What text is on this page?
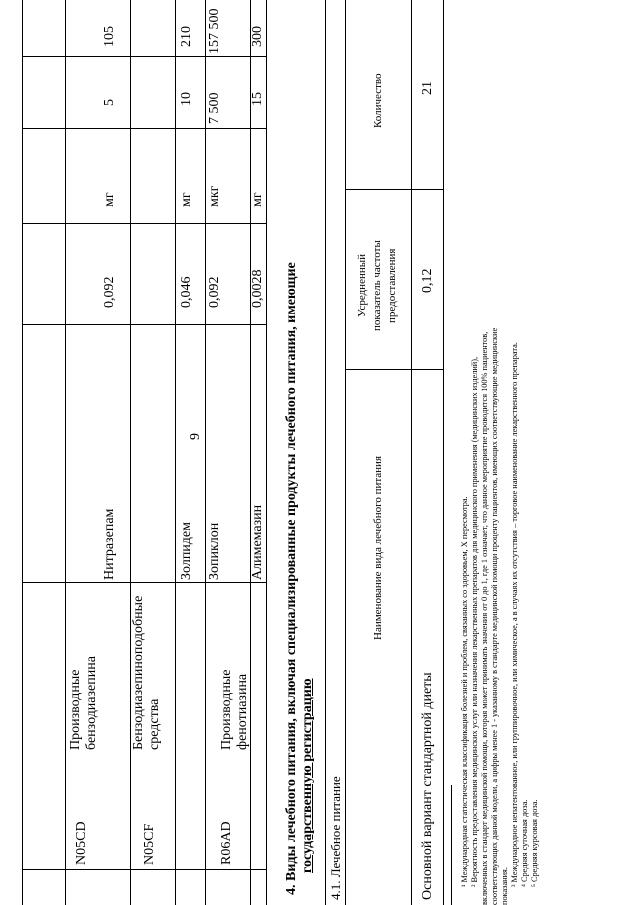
9
N05CD
Производные бензодиазепина
Нитразепам
0,092
мг
5
105
N05CF
Бензодиазепиноподобные средства
Золпидем
0,046
мг
10
210
Зопиклон
0,092
мкг
7 500
157 500
R06AD
Производные фенотиазина
Алимемазин
0,0028
мг
15
300
4. Виды лечебного питания, включая специализированные продукты лечебного питания, имеющие государственную регистрацию 4.1. Лечебное питание
Наименование вида лечебного питания
Усредненный показатель частоты предоставления
Количество
Основной вариант стандартной диеты
0,12
21
¹ Международная статистическая классификация болезней и проблем, связанных со здоровьем, X пересмотра. ² Вероятность предоставления медицинских услуг или назначения лекарственных препаратов для медицинского применения (медицинских изделий), включенных в стандарт медицинской помощи, которая может принимать значения от 0 до 1, где 1 означает, что данное мероприятие проводится 100% пациентов, соответствующих данной модели, а цифры менее 1 - указанному в стандарте медицинской помощи проценту пациентов, имеющих соответствующие медицинские показания. ³ Международное непатентованное, или группировочное, или химическое, а в случаях их отсутствия – торговое наименование лекарственного препарата. ⁴ Средняя суточная доза. ⁵ Средняя курсовая доза.
